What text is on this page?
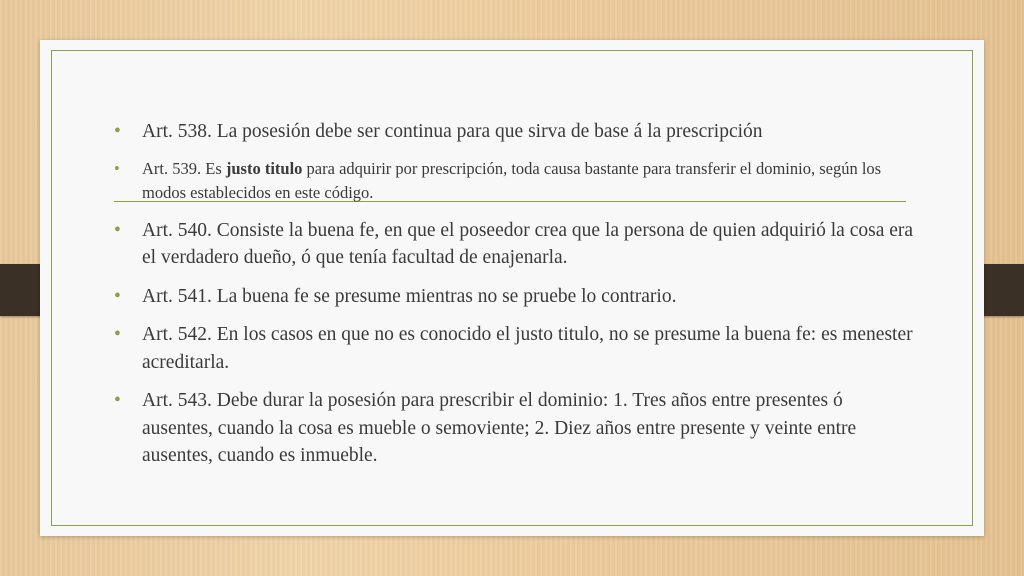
• Art. 538. La posesión debe ser continua para que sirva de base á la prescripción
• Art. 539. Es justo titulo para adquirir por prescripción, toda causa bastante para transferir el dominio, según los modos establecidos en este código.
• Art. 540. Consiste la buena fe, en que el poseedor crea que la persona de quien adquirió la cosa era el verdadero dueño, ó que tenía facultad de enajenarla.
• Art. 541. La buena fe se presume mientras no se pruebe lo contrario.
• Art. 542. En los casos en que no es conocido el justo titulo, no se presume la buena fe: es menester acreditarla.
• Art. 543. Debe durar la posesión para prescribir el dominio: 1. Tres años entre presentes ó ausentes, cuando la cosa es mueble o semoviente; 2. Diez años entre presente y veinte entre ausentes, cuando es inmueble.
